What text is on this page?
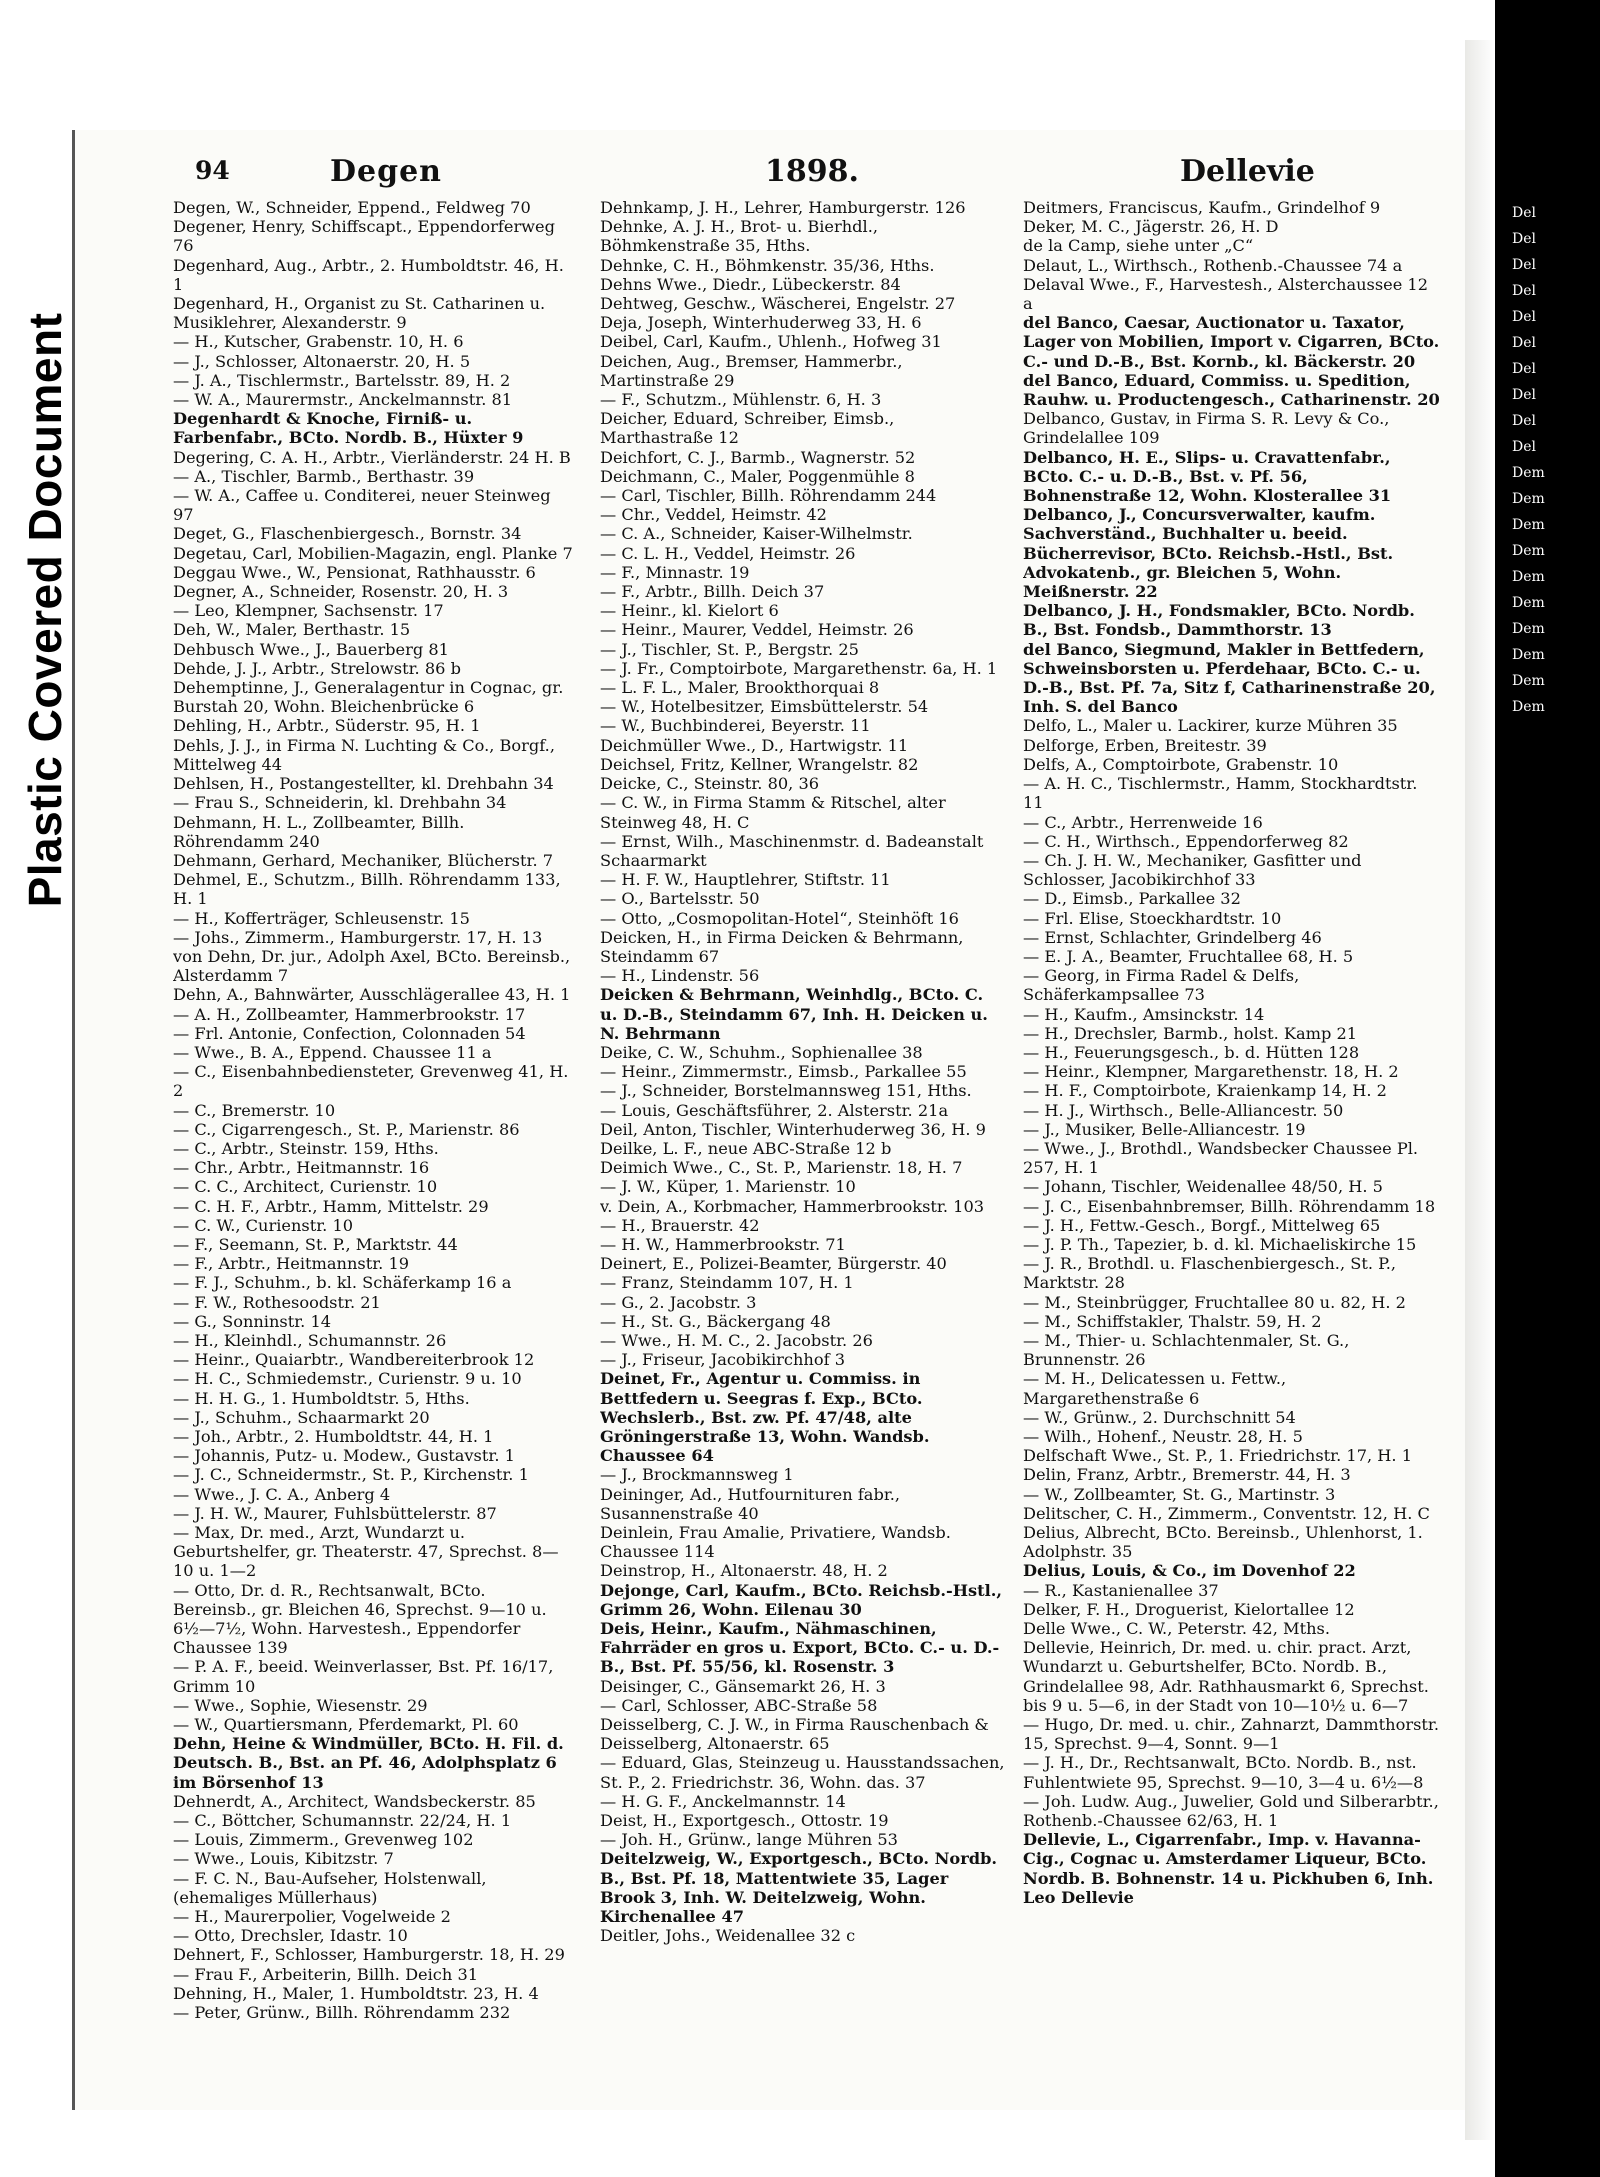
Plastic Covered Document
94	Degen	1898.	Dellevie
Degen, W., Schneider, Eppend., Feldweg 70
Degener, Henry, Schiffscapt., Eppendorferweg 76
Degenhard, Aug., Arbtr., 2. Humboldtstr. 46, H. 1
Degenhard, H., Organist zu St. Catharinen u. Musiklehrer, Alexanderstr. 9
— H., Kutscher, Grabenstr. 10, H. 6
— J., Schlosser, Altonaerstr. 20, H. 5
— J. A., Tischlermstr., Bartelsstr. 89, H. 2
— W. A., Maurermstr., Anckelmannstr. 81
Degenhardt & Knoche, Firniß- u. Farbenfabr., BCto. Nordb. B., Hüxter 9
Degering, C. A. H., Arbtr., Vierländerstr. 24 H. B
— A., Tischler, Barmb., Berthastr. 39
— W. A., Caffee u. Conditerei, neuer Steinweg 97
Deget, G., Flaschenbiergesch., Bornstr. 34
Degetau, Carl, Mobilien-Magazin, engl. Planke 7
Deggau Wwe., W., Pensionat, Rathhausstr. 6
Degner, A., Schneider, Rosenstr. 20, H. 3
— Leo, Klempner, Sachsenstr. 17
Deh, W., Maler, Berthastr. 15
Dehbusch Wwe., J., Bauerberg 81
Dehde, J. J., Arbtr., Strelowstr. 86 b
Dehemptinne, J., Generalagentur in Cognac, gr. Burstah 20, Wohn. Bleichenbrücke 6
Dehling, H., Arbtr., Süderstr. 95, H. 1
Dehls, J. J., in Firma N. Luchting & Co., Borgf., Mittelweg 44
Dehlsen, H., Postangestellter, kl. Drehbahn 34
— Frau S., Schneiderin, kl. Drehbahn 34
Dehmann, H. L., Zollbeamter, Billh. Röhrendamm 240
Dehmann, Gerhard, Mechaniker, Blücherstr. 7
Dehmel, E., Schutzm., Billh. Röhrendamm 133, H. 1
— H., Kofferträger, Schleusenstr. 15
— Johs., Zimmerm., Hamburgerstr. 17, H. 13
von Dehn, Dr. jur., Adolph Axel, BCto. Bereinsb., Alsterdamm 7
Dehn, A., Bahnwärter, Ausschlägerallee 43, H. 1
— A. H., Zollbeamter, Hammerbrookstr. 17
— Frl. Antonie, Confection, Colonnaden 54
— Wwe., B. A., Eppend. Chaussee 11 a
— C., Eisenbahnbediensteter, Grevenweg 41, H. 2
— C., Bremerstr. 10
— C., Cigarrengesch., St. P., Marienstr. 86
— C., Arbtr., Steinstr. 159, Hths.
— Chr., Arbtr., Heitmannstr. 16
— C. C., Architect, Curienstr. 10
— C. H. F., Arbtr., Hamm, Mittelstr. 29
— C. W., Curienstr. 10
— F., Seemann, St. P., Marktstr. 44
— F., Arbtr., Heitmannstr. 19
— F. J., Schuhm., b. kl. Schäferkamp 16 a
— F. W., Rothesoodstr. 21
— G., Sonninstr. 14
— H., Kleinhdl., Schumannstr. 26
— Heinr., Quaiarbtr., Wandbereiterbrook 12
— H. C., Schmiedemstr., Curienstr. 9 u. 10
— H. H. G., 1. Humboldtstr. 5, Hths.
— J., Schuhm., Schaarmarkt 20
— Joh., Arbtr., 2. Humboldtstr. 44, H. 1
— Johannis, Putz- u. Modew., Gustavstr. 1
— J. C., Schneidermstr., St. P., Kirchenstr. 1
— Wwe., J. C. A., Anberg 4
— J. H. W., Maurer, Fuhlsbüttelerstr. 87
— Max, Dr. med., Arzt, Wundarzt u. Geburtshelfer, gr. Theaterstr. 47, Sprechst. 8—10 u. 1—2
— Otto, Dr. d. R., Rechtsanwalt, BCto. Bereinsb., gr. Bleichen 46, Sprechst. 9—10 u. 6½—7½, Wohn. Harvestesh., Eppendorfer Chaussee 139
— P. A. F., beeid. Weinverlasser, Bst. Pf. 16/17, Grimm 10
— Wwe., Sophie, Wiesenstr. 29
— W., Quartiersmann, Pferdemarkt, Pl. 60
Dehn, Heine & Windmüller, BCto. H. Fil. d. Deutsch. B., Bst. an Pf. 46, Adolphsplatz 6 im Börsenhof 13
Dehnerdt, A., Architect, Wandsbeckerstr. 85
— C., Böttcher, Schumannstr. 22/24, H. 1
— Louis, Zimmerm., Grevenweg 102
— Wwe., Louis, Kibitzstr. 7
— F. C. N., Bau-Aufseher, Holstenwall, (ehemaliges Müllerhaus)
— H., Maurerpolier, Vogelweide 2
— Otto, Drechsler, Idastr. 10
Dehnert, F., Schlosser, Hamburgerstr. 18, H. 29
— Frau F., Arbeiterin, Billh. Deich 31
Dehning, H., Maler, 1. Humboldtstr. 23, H. 4
— Peter, Grünw., Billh. Röhrendamm 232
Dehnkamp, J. H., Lehrer, Hamburgerstr. 126
Dehnke, A. J. H., Brot- u. Bierhdl., Böhmkenstraße 35, Hths.
Dehnke, C. H., Böhmkenstr. 35/36, Hths.
Dehns Wwe., Diedr., Lübeckerstr. 84
Dehtweg, Geschw., Wäscherei, Engelstr. 27
Deja, Joseph, Winterhuderweg 33, H. 6
Deibel, Carl, Kaufm., Uhlenh., Hofweg 31
Deichen, Aug., Bremser, Hammerbr., Martinstraße 29
— F., Schutzm., Mühlenstr. 6, H. 3
Deicher, Eduard, Schreiber, Eimsb., Marthastraße 12
Deichfort, C. J., Barmb., Wagnerstr. 52
Deichmann, C., Maler, Poggenmühle 8
— Carl, Tischler, Billh. Röhrendamm 244
— Chr., Veddel, Heimstr. 42
— C. A., Schneider, Kaiser-Wilhelmstr.
— C. L. H., Veddel, Heimstr. 26
— F., Minnastr. 19
— F., Arbtr., Billh. Deich 37
— Heinr., kl. Kielort 6
— Heinr., Maurer, Veddel, Heimstr. 26
— J., Tischler, St. P., Bergstr. 25
— J. Fr., Comptoirbote, Margarethenstr. 6a, H. 1
— L. F. L., Maler, Brookthorquai 8
— W., Hotelbesitzer, Eimsbüttelerstr. 54
— W., Buchbinderei, Beyerstr. 11
Deichmüller Wwe., D., Hartwigstr. 11
Deichsel, Fritz, Kellner, Wrangelstr. 82
Deicke, C., Steinstr. 80, 36
— C. W., in Firma Stamm & Ritschel, alter Steinweg 48, H. C
— Ernst, Wilh., Maschinenmstr. d. Badeanstalt Schaarmarkt
— H. F. W., Hauptlehrer, Stiftstr. 11
— O., Bartelsstr. 50
— Otto, „Cosmopolitan-Hotel“, Steinhöft 16
Deicken, H., in Firma Deicken & Behrmann, Steindamm 67
— H., Lindenstr. 56
Deicken & Behrmann, Weinhdlg., BCto. C. u. D.-B., Steindamm 67, Inh. H. Deicken u. N. Behrmann
Deike, C. W., Schuhm., Sophienallee 38
— Heinr., Zimmermstr., Eimsb., Parkallee 55
— J., Schneider, Borstelmannsweg 151, Hths.
— Louis, Geschäftsführer, 2. Alsterstr. 21a
Deil, Anton, Tischler, Winterhuderweg 36, H. 9
Deilke, L. F., neue ABC-Straße 12 b
Deimich Wwe., C., St. P., Marienstr. 18, H. 7
— J. W., Küper, 1. Marienstr. 10
v. Dein, A., Korbmacher, Hammerbrookstr. 103
— H., Brauerstr. 42
— H. W., Hammerbrookstr. 71
Deinert, E., Polizei-Beamter, Bürgerstr. 40
— Franz, Steindamm 107, H. 1
— G., 2. Jacobstr. 3
— H., St. G., Bäckergang 48
— Wwe., H. M. C., 2. Jacobstr. 26
— J., Friseur, Jacobikirchhof 3
Deinet, Fr., Agentur u. Commiss. in Bettfedern u. Seegras f. Exp., BCto. Wechslerb., Bst. zw. Pf. 47/48, alte Gröningerstraße 13, Wohn. Wandsb. Chaussee 64
— J., Brockmannsweg 1
Deininger, Ad., Hutfournituren fabr., Susannenstraße 40
Deinlein, Frau Amalie, Privatiere, Wandsb. Chaussee 114
Deinstrop, H., Altonaerstr. 48, H. 2
Dejonge, Carl, Kaufm., BCto. Reichsb.-Hstl., Grimm 26, Wohn. Eilenau 30
Deis, Heinr., Kaufm., Nähmaschinen, Fahrräder en gros u. Export, BCto. C.- u. D.-B., Bst. Pf. 55/56, kl. Rosenstr. 3
Deisinger, C., Gänsemarkt 26, H. 3
— Carl, Schlosser, ABC-Straße 58
Deisselberg, C. J. W., in Firma Rauschenbach & Deisselberg, Altonaerstr. 65
— Eduard, Glas, Steinzeug u. Hausstandssachen, St. P., 2. Friedrichstr. 36, Wohn. das. 37
— H. G. F., Anckelmannstr. 14
Deist, H., Exportgesch., Ottostr. 19
— Joh. H., Grünw., lange Mühren 53
Deitelzweig, W., Exportgesch., BCto. Nordb. B., Bst. Pf. 18, Mattentwiete 35, Lager Brook 3, Inh. W. Deitelzweig, Wohn. Kirchenallee 47
Deitler, Johs., Weidenallee 32 c
Deitmers, Franciscus, Kaufm., Grindelhof 9
Deker, M. C., Jägerstr. 26, H. D
de la Camp, siehe unter „C“
Delaut, L., Wirthsch., Rothenb.-Chaussee 74 a
Delaval Wwe., F., Harvestesh., Alsterchaussee 12 a
del Banco, Caesar, Auctionator u. Taxator, Lager von Mobilien, Import v. Cigarren, BCto. C.- und D.-B., Bst. Kornb., kl. Bäckerstr. 20
del Banco, Eduard, Commiss. u. Spedition, Rauhw. u. Productengesch., Catharinenstr. 20
Delbanco, Gustav, in Firma S. R. Levy & Co., Grindelallee 109
Delbanco, H. E., Slips- u. Cravattenfabr., BCto. C.- u. D.-B., Bst. v. Pf. 56, Bohnenstraße 12, Wohn. Klosterallee 31
Delbanco, J., Concursverwalter, kaufm. Sachverständ., Buchhalter u. beeid. Bücherrevisor, BCto. Reichsb.-Hstl., Bst. Advokatenb., gr. Bleichen 5, Wohn. Meißnerstr. 22
Delbanco, J. H., Fondsmakler, BCto. Nordb. B., Bst. Fondsb., Dammthorstr. 13
del Banco, Siegmund, Makler in Bettfedern, Schweinsborsten u. Pferdehaar, BCto. C.- u. D.-B., Bst. Pf. 7a, Sitz f, Catharinenstraße 20, Inh. S. del Banco
Delfo, L., Maler u. Lackirer, kurze Mühren 35
Delforge, Erben, Breitestr. 39
Delfs, A., Comptoirbote, Grabenstr. 10
— A. H. C., Tischlermstr., Hamm, Stockhardtstr. 11
— C., Arbtr., Herrenweide 16
— C. H., Wirthsch., Eppendorferweg 82
— Ch. J. H. W., Mechaniker, Gasfitter und Schlosser, Jacobikirchhof 33
— D., Eimsb., Parkallee 32
— Frl. Elise, Stoeckhardtstr. 10
— Ernst, Schlachter, Grindelberg 46
— E. J. A., Beamter, Fruchtallee 68, H. 5
— Georg, in Firma Radel & Delfs, Schäferkampsallee 73
— H., Kaufm., Amsinckstr. 14
— H., Drechsler, Barmb., holst. Kamp 21
— H., Feuerungsgesch., b. d. Hütten 128
— Heinr., Klempner, Margarethenstr. 18, H. 2
— H. F., Comptoirbote, Kraienkamp 14, H. 2
— H. J., Wirthsch., Belle-Alliancestr. 50
— J., Musiker, Belle-Alliancestr. 19
— Wwe., J., Brothdl., Wandsbecker Chaussee Pl. 257, H. 1
— Johann, Tischler, Weidenallee 48/50, H. 5
— J. C., Eisenbahnbremser, Billh. Röhrendamm 18
— J. H., Fettw.-Gesch., Borgf., Mittelweg 65
— J. P. Th., Tapezier, b. d. kl. Michaeliskirche 15
— J. R., Brothdl. u. Flaschenbiergesch., St. P., Marktstr. 28
— M., Steinbrügger, Fruchtallee 80 u. 82, H. 2
— M., Schiffstakler, Thalstr. 59, H. 2
— M., Thier- u. Schlachtenmaler, St. G., Brunnenstr. 26
— M. H., Delicatessen u. Fettw., Margarethenstraße 6
— W., Grünw., 2. Durchschnitt 54
— Wilh., Hohenf., Neustr. 28, H. 5
Delfschaft Wwe., St. P., 1. Friedrichstr. 17, H. 1
Delin, Franz, Arbtr., Bremerstr. 44, H. 3
— W., Zollbeamter, St. G., Martinstr. 3
Delitscher, C. H., Zimmerm., Conventstr. 12, H. C
Delius, Albrecht, BCto. Bereinsb., Uhlenhorst, 1. Adolphstr. 35
Delius, Louis, & Co., im Dovenhof 22
— R., Kastanienallee 37
Delker, F. H., Droguerist, Kielortallee 12
Delle Wwe., C. W., Peterstr. 42, Mths.
Dellevie, Heinrich, Dr. med. u. chir. pract. Arzt, Wundarzt u. Geburtshelfer, BCto. Nordb. B., Grindelallee 98, Adr. Rathhausmarkt 6, Sprechst. bis 9 u. 5—6, in der Stadt von 10—10½ u. 6—7
— Hugo, Dr. med. u. chir., Zahnarzt, Dammthorstr. 15, Sprechst. 9—4, Sonnt. 9—1
— J. H., Dr., Rechtsanwalt, BCto. Nordb. B., nst. Fuhlentwiete 95, Sprechst. 9—10, 3—4 u. 6½—8
— Joh. Ludw. Aug., Juwelier, Gold und Silberarbtr., Rothenb.-Chaussee 62/63, H. 1
Dellevie, L., Cigarrenfabr., Imp. v. Havanna-Cig., Cognac u. Amsterdamer Liqueur, BCto. Nordb. B. Bohnenstr. 14 u. Pickhuben 6, Inh. Leo Dellevie
Del
Del
Del
Del
Del
Del
Del
Del
Del
Del
Dem
Dem
Dem
Dem
Dem
Dem
Dem
Dem
Dem
Dem
